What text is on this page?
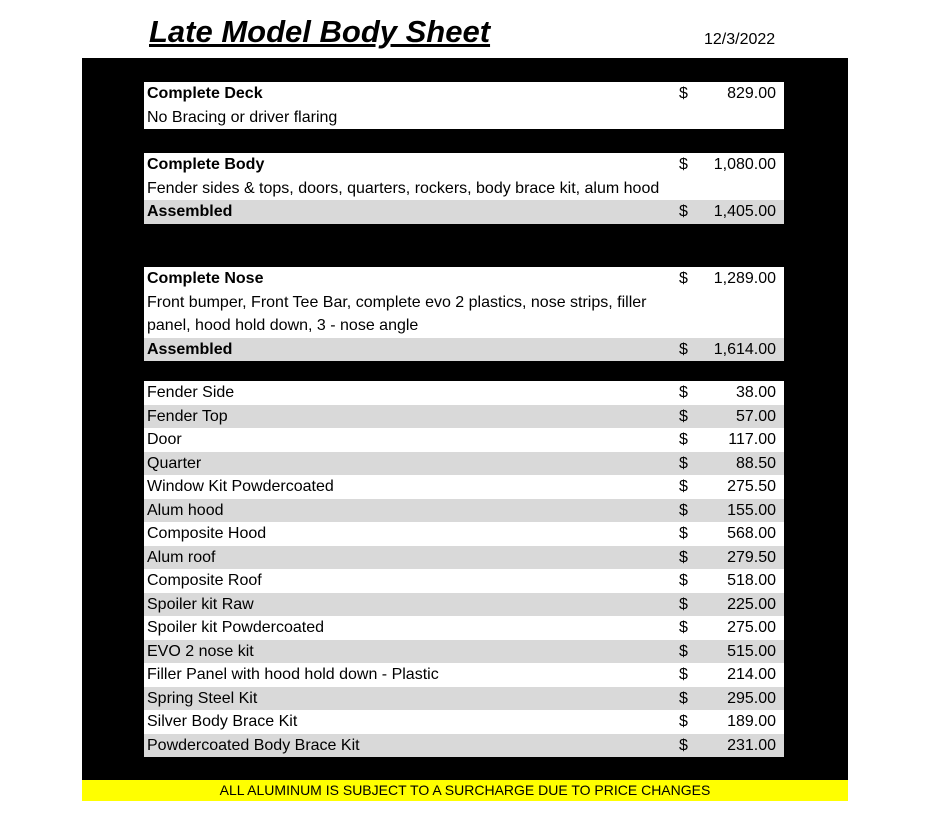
Late Model Body Sheet	12/3/2022
Complete Deck	$ 829.00
No Bracing or driver flaring
Complete Body	$ 1,080.00
Fender sides & tops, doors, quarters, rockers, body brace kit, alum hood
Assembled	$ 1,405.00
Complete Nose	$ 1,289.00
Front bumper, Front Tee Bar, complete evo 2 plastics, nose strips, filler panel, hood hold down, 3 - nose angle
Assembled	$ 1,614.00
Fender Side	$	38.00
Fender Top	$	57.00
Door	$	117.00
Quarter	$	88.50
Window Kit Powdercoated	$ 275.50
Alum hood	$ 155.00
Composite Hood	$ 568.00
Alum roof	$ 279.50
Composite Roof	$ 518.00
Spoiler kit Raw	$ 225.00
Spoiler kit Powdercoated	$ 275.00
EVO 2 nose kit	$ 515.00
Filler Panel with hood hold down - Plastic	$ 214.00
Spring Steel Kit	$ 295.00
Silver Body Brace Kit	$ 189.00
Powdercoated Body Brace Kit	$ 231.00
ALL ALUMINUM IS SUBJECT TO A SURCHARGE DUE TO PRICE CHANGES
